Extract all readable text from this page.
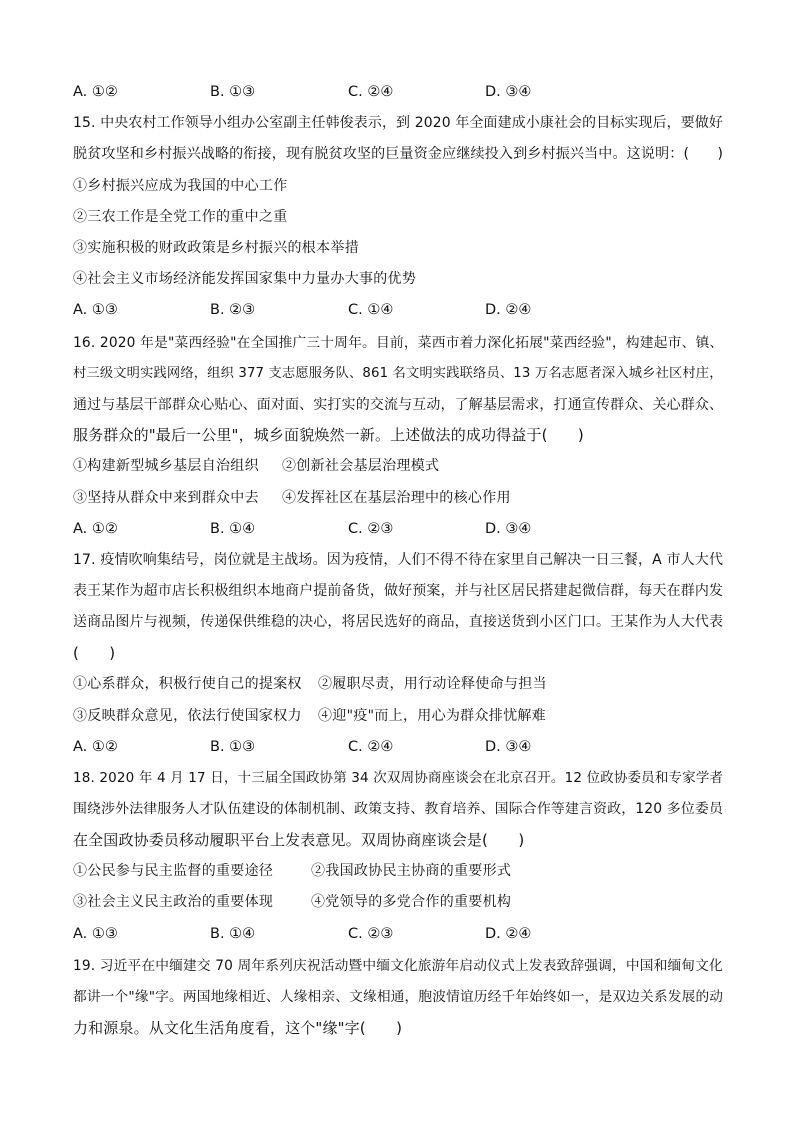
A. ①②	B. ①③	C. ②④	D. ③④
15. 中央农村工作领导小组办公室副主任韩俊表示，到 2020 年全面建成小康社会的目标实现后，要做好
脱贫攻坚和乡村振兴战略的衔接，现有脱贫攻坚的巨量资金应继续投入到乡村振兴当中。这说明：(　　)
①乡村振兴应成为我国的中心工作
②三农工作是全党工作的重中之重
③实施积极的财政政策是乡村振兴的根本举措
④社会主义市场经济能发挥国家集中力量办大事的优势
A. ①③	B. ②③	C. ①④	D. ②④
16. 2020 年是"菜西经验"在全国推广三十周年。目前，菜西市着力深化拓展"菜西经验"，构建起市、镇、
村三级文明实践网络，组织 377 支志愿服务队、861 名文明实践联络员、13 万名志愿者深入城乡社区村庄，
通过与基层干部群众心贴心、面对面、实打实的交流与互动，了解基层需求，打通宣传群众、关心群众、
服务群众的"最后一公里"，城乡面貌焕然一新。上述做法的成功得益于(　　)
①构建新型城乡基层自治组织 ②创新社会基层治理模式
③坚持从群众中来到群众中去 ④发挥社区在基层治理中的核心作用
A. ①②	B. ①④	C. ②③	D. ③④
17. 疫情吹响集结号，岗位就是主战场。因为疫情，人们不得不待在家里自己解决一日三餐，A 市人大代
表王某作为超市店长积极组织本地商户提前备货，做好预案，并与社区居民搭建起微信群，每天在群内发
送商品图片与视频，传递保供维稳的决心，将居民选好的商品，直接送货到小区门口。王某作为人大代表
(　　)
①心系群众，积极行使自己的提案权 ②履职尽责，用行动诠释使命与担当
③反映群众意见，依法行使国家权力 ④迎"疫"而上，用心为群众排忧解难
A. ①②	B. ①③	C. ②④	D. ③④
18. 2020 年 4 月 17 日，十三届全国政协第 34 次双周协商座谈会在北京召开。12 位政协委员和专家学者
围绕涉外法律服务人才队伍建设的体制机制、政策支持、教育培养、国际合作等建言资政，120 多位委员
在全国政协委员移动履职平台上发表意见。双周协商座谈会是(　　)
①公民参与民主监督的重要途径	②我国政协民主协商的重要形式
③社会主义民主政治的重要体现	④党领导的多党合作的重要机构
A. ①③	B. ①④	C. ②③	D. ②④
19. 习近平在中缅建交 70 周年系列庆祝活动暨中缅文化旅游年启动仪式上发表致辞强调，中国和缅甸文化
都讲一个"缘"字。两国地缘相近、人缘相亲、文缘相通，胞波情谊历经千年始终如一，是双边关系发展的动
力和源泉。从文化生活角度看，这个"缘"字(　　)
